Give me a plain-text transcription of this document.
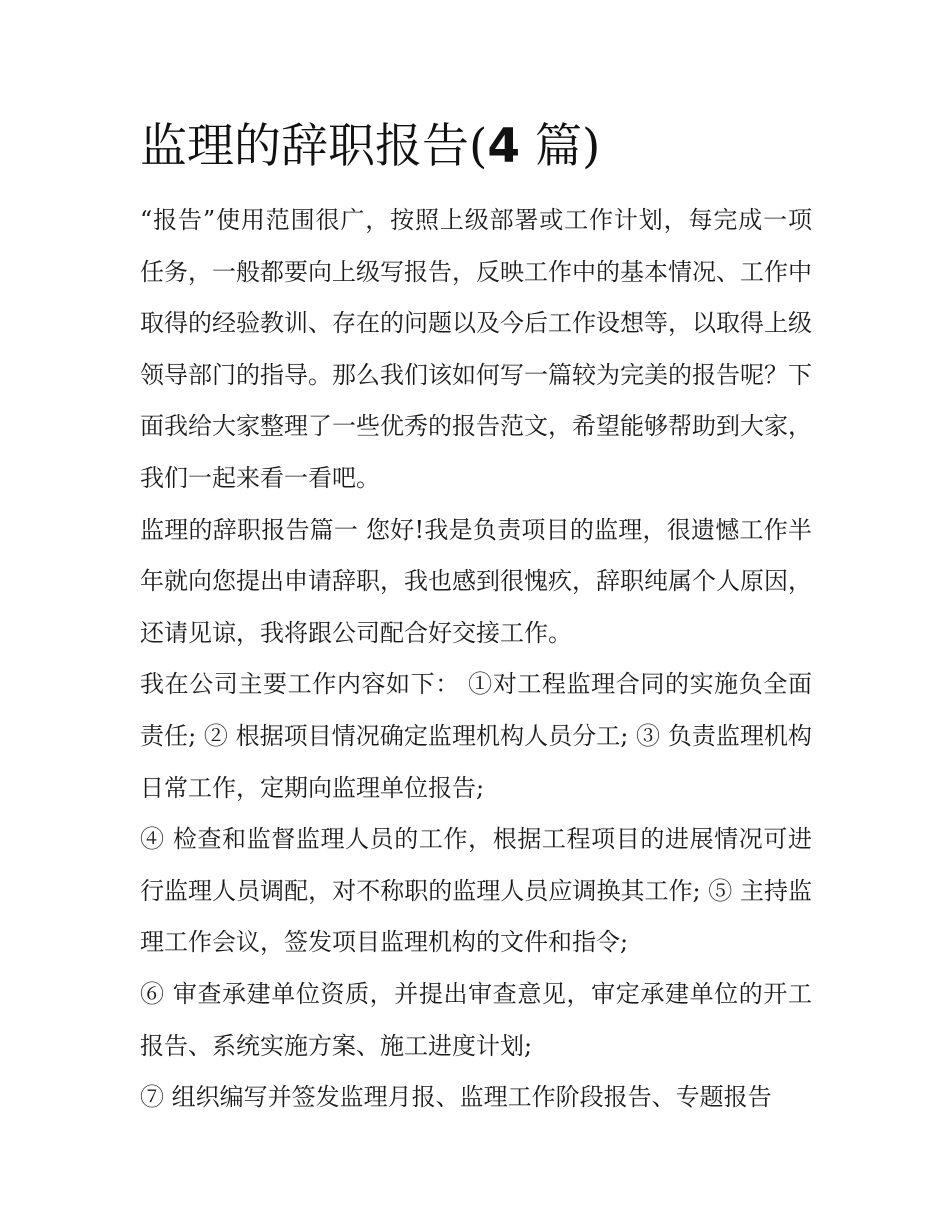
监理的辞职报告(4 篇)

“报告”使用范围很广，按照上级部署或工作计划，每完成一项任务，一般都要向上级写报告，反映工作中的基本情况、工作中取得的经验教训、存在的问题以及今后工作设想等，以取得上级领导部门的指导。那么我们该如何写一篇较为完美的报告呢？下面我给大家整理了一些优秀的报告范文，希望能够帮助到大家，我们一起来看一看吧。

监理的辞职报告篇一 您好!我是负责项目的监理，很遗憾工作半年就向您提出申请辞职，我也感到很愧疚，辞职纯属个人原因，还请见谅，我将跟公司配合好交接工作。

我在公司主要工作内容如下： ①对工程监理合同的实施负全面责任; ② 根据项目情况确定监理机构人员分工; ③ 负责监理机构日常工作，定期向监理单位报告;

④ 检查和监督监理人员的工作，根据工程项目的进展情况可进行监理人员调配，对不称职的监理人员应调换其工作; ⑤ 主持监理工作会议，签发项目监理机构的文件和指令;

⑥ 审查承建单位资质，并提出审查意见，审定承建单位的开工报告、系统实施方案、施工进度计划;

⑦ 组织编写并签发监理月报、监理工作阶段报告、专题报告
